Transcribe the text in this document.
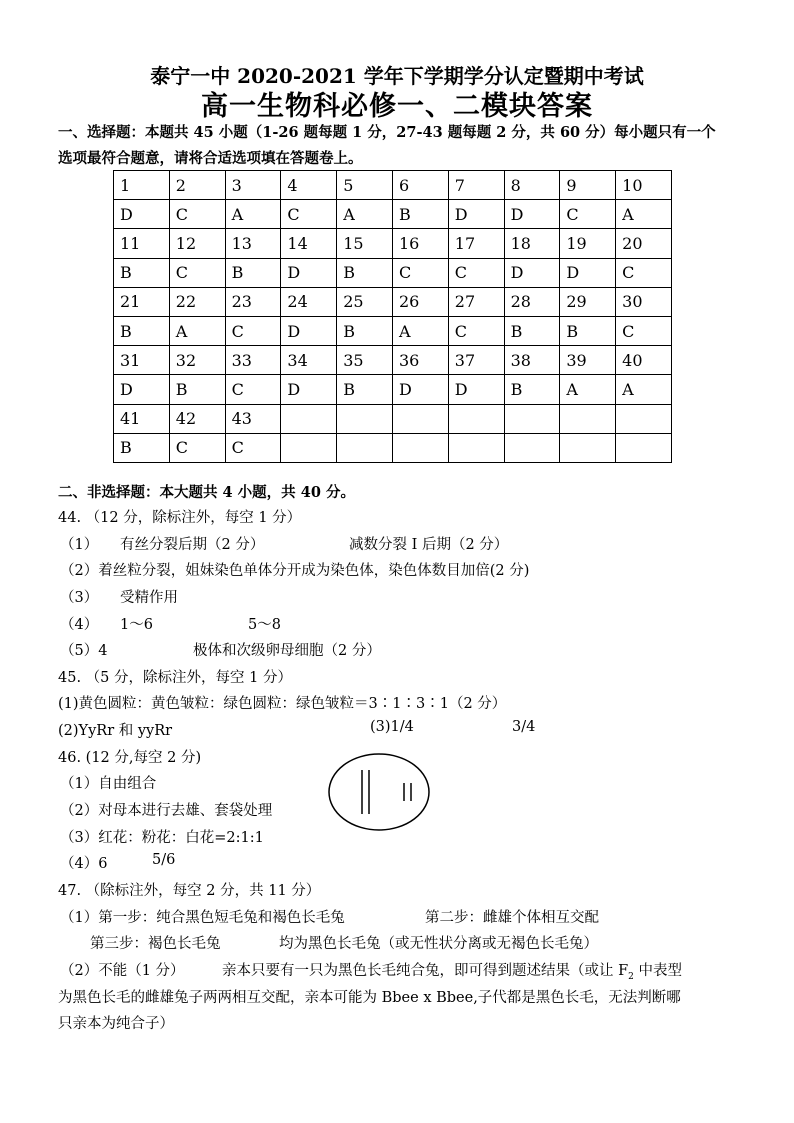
泰宁一中 2020-2021 学年下学期学分认定暨期中考试
高一生物科必修一、二模块答案
一、选择题：本题共 45 小题（1-26 题每题 1 分，27-43 题每题 2 分，共 60 分）每小题只有一个
选项最符合题意，请将合适选项填在答题卷上。
1	2	3	4	5	6	7	8	9	10
D	C	A	C	A	B	D	D	C	A
11	12	13	14	15	16	17	18	19	20
B	C	B	D	B	C	C	D	D	C
21	22	23	24	25	26	27	28	29	30
B	A	C	D	B	A	C	B	B	C
31	32	33	34	35	36	37	38	39	40
D	B	C	D	B	D	D	B	A	A
41	42	43							
B	C	C							
二、非选择题：本大题共 4 小题，共 40 分。
44. （12 分，除标注外，每空 1 分）
（1） 有丝分裂后期（2 分）	减数分裂 I 后期（2 分）
（2）着丝粒分裂，姐妹染色单体分开成为染色体，染色体数目加倍(2 分)
（3） 受精作用
（4） 1～6	5～8
（5）4	极体和次级卵母细胞（2 分）
45. （5 分，除标注外，每空 1 分）
(1)黄色圆粒：黄色皱粒：绿色圆粒：绿色皱粒＝3∶1∶3∶1（2 分）
(2)YyRr 和 yyRr	(3)1/4	3/4
46. (12 分,每空 2 分)
（1）自由组合
（2）对母本进行去雄、套袋处理
（3）红花：粉花：白花=2:1:1
（4）6	5/6
47. （除标注外，每空 2 分，共 11 分）
（1）第一步：纯合黑色短毛兔和褐色长毛兔	第二步：雌雄个体相互交配
第三步：褐色长毛兔	均为黑色长毛兔（或无性状分离或无褐色长毛兔）
（2）不能（1 分）	亲本只要有一只为黑色长毛纯合兔，即可得到题述结果（或让 $F_2$ 中表型
为黑色长毛的雌雄兔子两两相互交配，亲本可能为 Bbee x Bbee,子代都是黑色长毛，无法判断哪
只亲本为纯合子）
